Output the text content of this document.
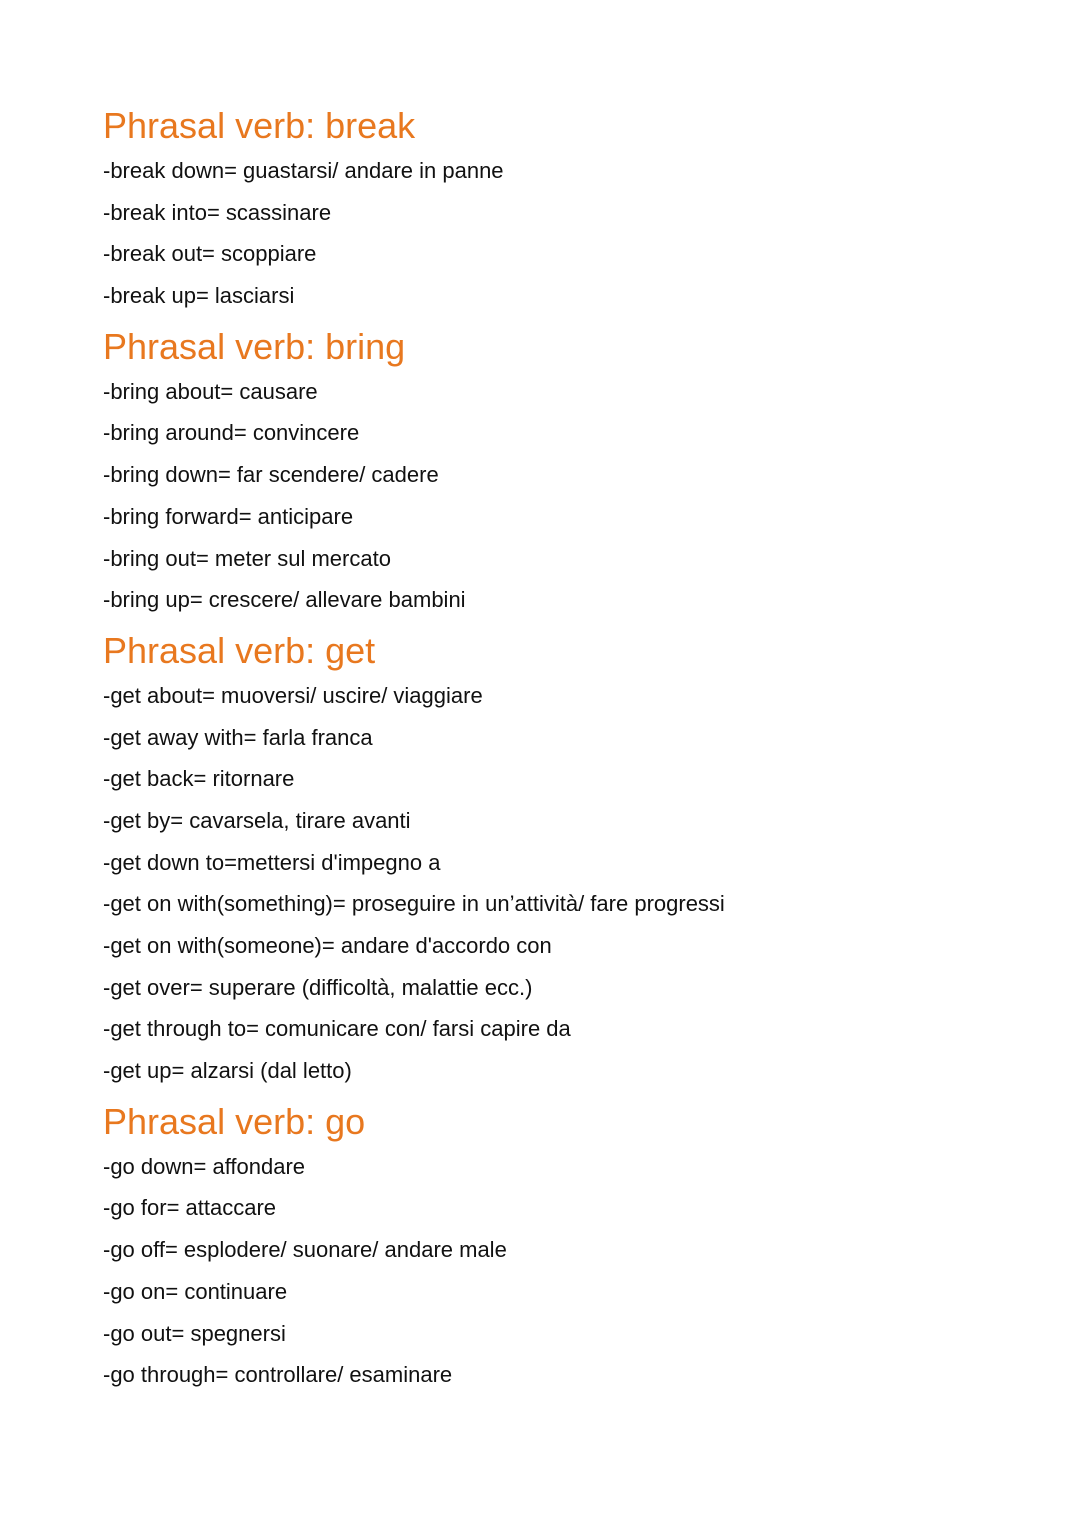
Phrasal verb: break
-break down= guastarsi/ andare in panne
-break into= scassinare
-break out= scoppiare
-break up= lasciarsi
Phrasal verb: bring
-bring about= causare
-bring around= convincere
-bring down= far scendere/ cadere
-bring forward= anticipare
-bring out= meter sul mercato
-bring up= crescere/ allevare bambini
Phrasal verb: get
-get about= muoversi/ uscire/ viaggiare
-get away with= farla franca
-get back= ritornare
-get by= cavarsela, tirare avanti
-get down to=mettersi d'impegno a
-get on with(something)= proseguire in un’attività/ fare progressi
-get on with(someone)= andare d'accordo con
-get over= superare (difficoltà, malattie ecc.)
-get through to= comunicare con/ farsi capire da
-get up= alzarsi (dal letto)
Phrasal verb: go
-go down= affondare
-go for= attaccare
-go off= esplodere/ suonare/ andare male
-go on= continuare
-go out= spegnersi
-go through= controllare/ esaminare
